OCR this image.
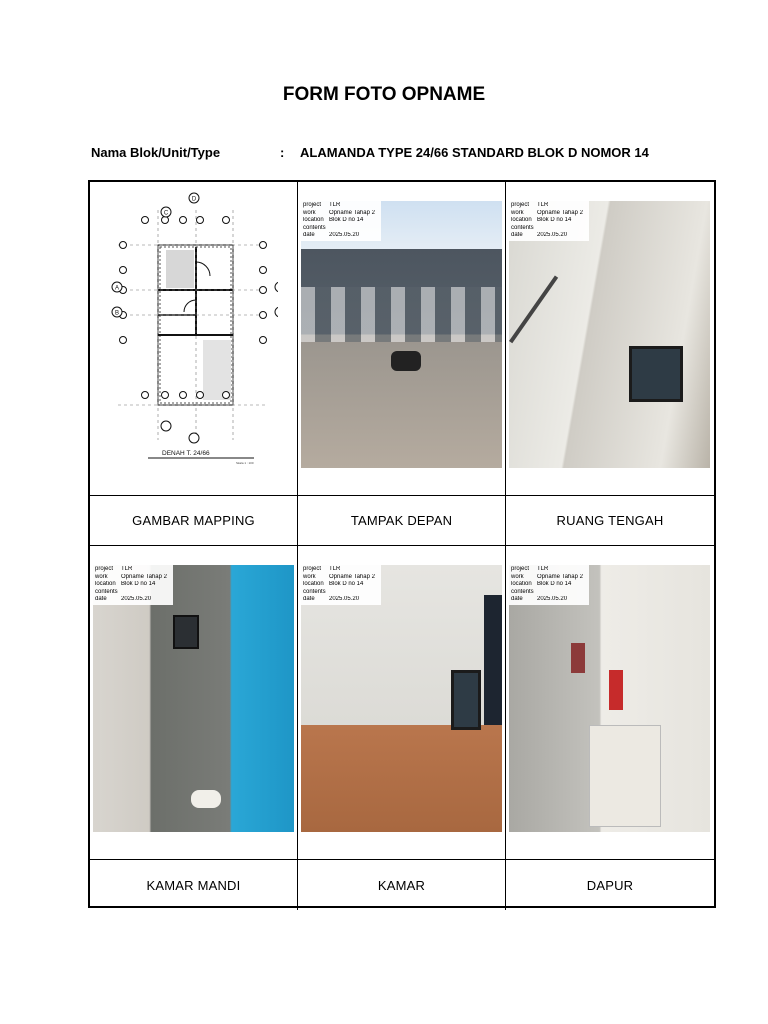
FORM FOTO OPNAME
Nama Blok/Unit/Type	: ALAMANDA TYPE 24/66 STANDARD BLOK D NOMOR 14
A
B
C
D
DENAH T. 24/66
Skala 1 : 100
project	TLR
work	Opname Tahap 2
location Blok D no 14
contents
date	2025.05.20
project	TLR
work	Opname Tahap 2
location Blok D no 14
contents
date	2025.05.20
GAMBAR MAPPING	TAMPAK DEPAN	RUANG TENGAH
project	TLR
work	Opname Tahap 2
location Blok D no 14
contents
date	2025.05.20
project	TLR
work	Opname Tahap 2
location Blok D no 14
contents
date	2025.05.20
project	TLR
work	Opname Tahap 2
location Blok D no 14
contents
date	2025.05.20
KAMAR MANDI	KAMAR	DAPUR
